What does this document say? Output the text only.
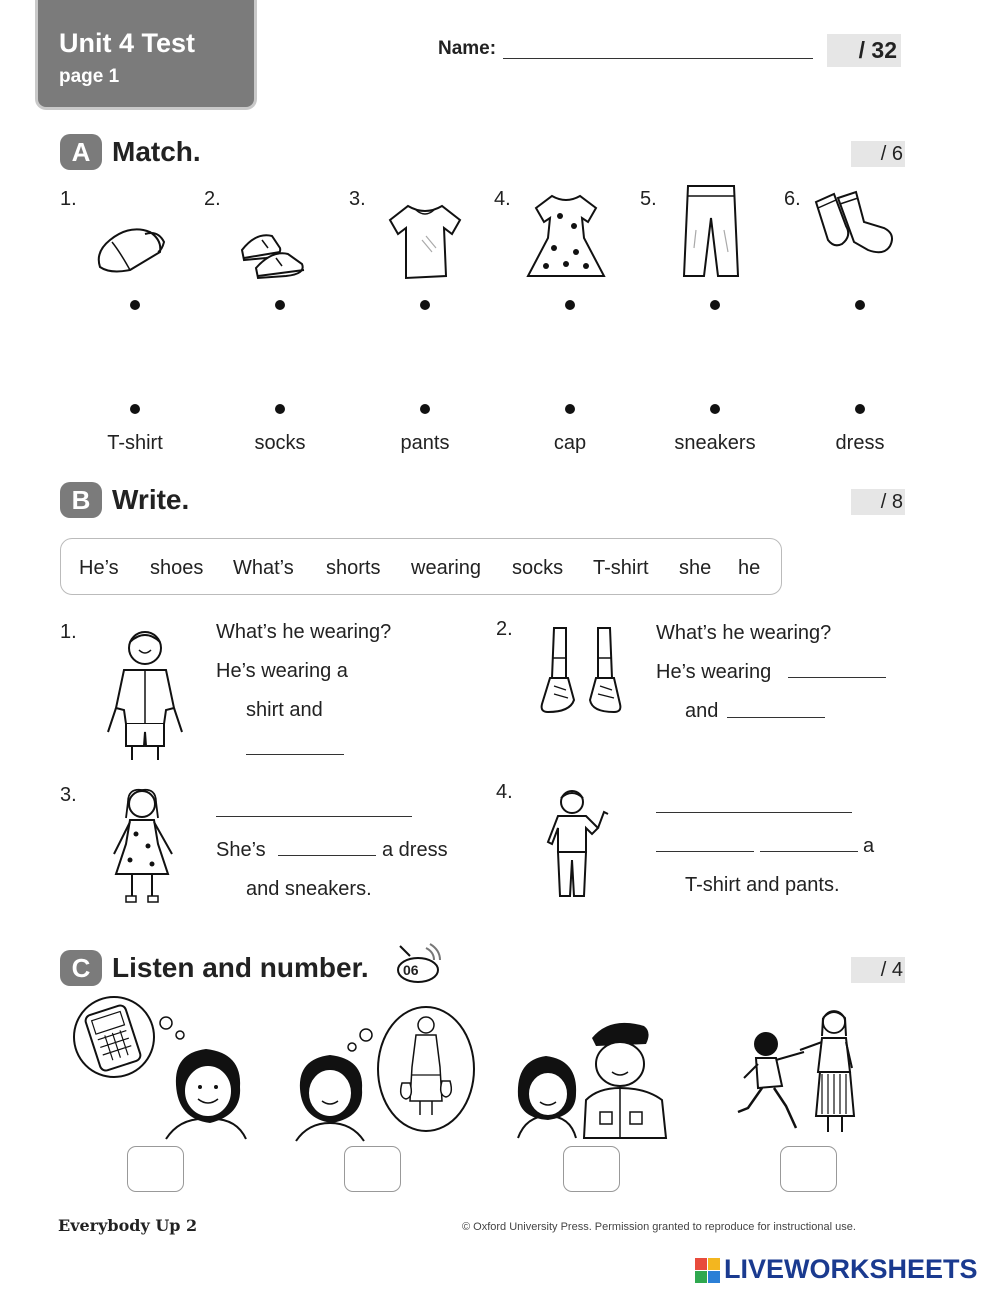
Unit 4 Test
page 1
Name:	/ 32
A Match.	/ 6
1.	2.	3.	4.	5.	6.
T-shirt	socks	pants	cap	sneakers	dress
B Write.	/ 8
He’s shoes What’s shorts wearing socks T-shirt she he
1.	What’s he wearing?
He’s wearing a
shirt and
2.	What’s he wearing?
He’s wearing
and
3.
She’s	a dress
and sneakers.
4.
a
T-shirt and pants.
C Listen and number. 06	/ 4
Everybody Up 2	© Oxford University Press. Permission granted to reproduce for instructional use.
LIVEWORKSHEETS
